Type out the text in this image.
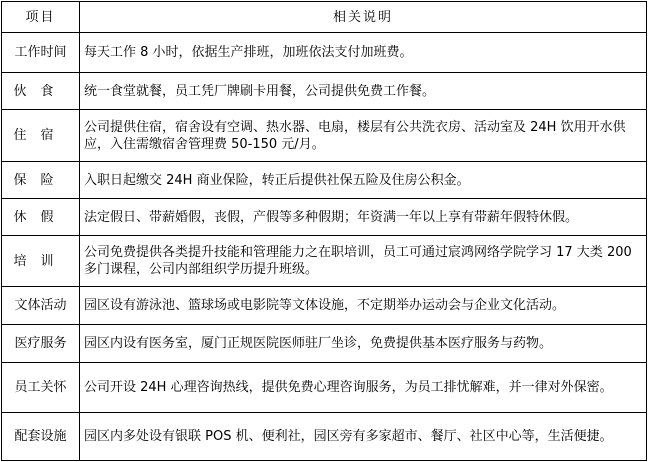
项目	相关说明
工作时间	每天工作 8 小时，依据生产排班，加班依法支付加班费。
伙食	统一食堂就餐，员工凭厂牌刷卡用餐，公司提供免费工作餐。
住宿	公司提供住宿，宿舍设有空调、热水器、电扇，楼层有公共洗衣房、活动室及 24H 饮用开水供应，入住需缴宿舍管理费 50-150 元/月。
保险	入职日起缴交 24H 商业保险，转正后提供社保五险及住房公积金。
休假	法定假日、带薪婚假，丧假，产假等多种假期；年资满一年以上享有带薪年假特休假。
培训	公司免费提供各类提升技能和管理能力之在职培训，员工可通过宸鸿网络学院学习 17 大类 200 多门课程，公司内部组织学历提升班级。
文体活动	园区设有游泳池、篮球场或电影院等文体设施，不定期举办运动会与企业文化活动。
医疗服务	园区内设有医务室，厦门正规医院医师驻厂坐诊，免费提供基本医疗服务与药物。
员工关怀	公司开设 24H 心理咨询热线，提供免费心理咨询服务，为员工排忧解难，并一律对外保密。
配套设施	园区内多处设有银联 POS 机、便利社，园区旁有多家超市、餐厅、社区中心等，生活便捷。
